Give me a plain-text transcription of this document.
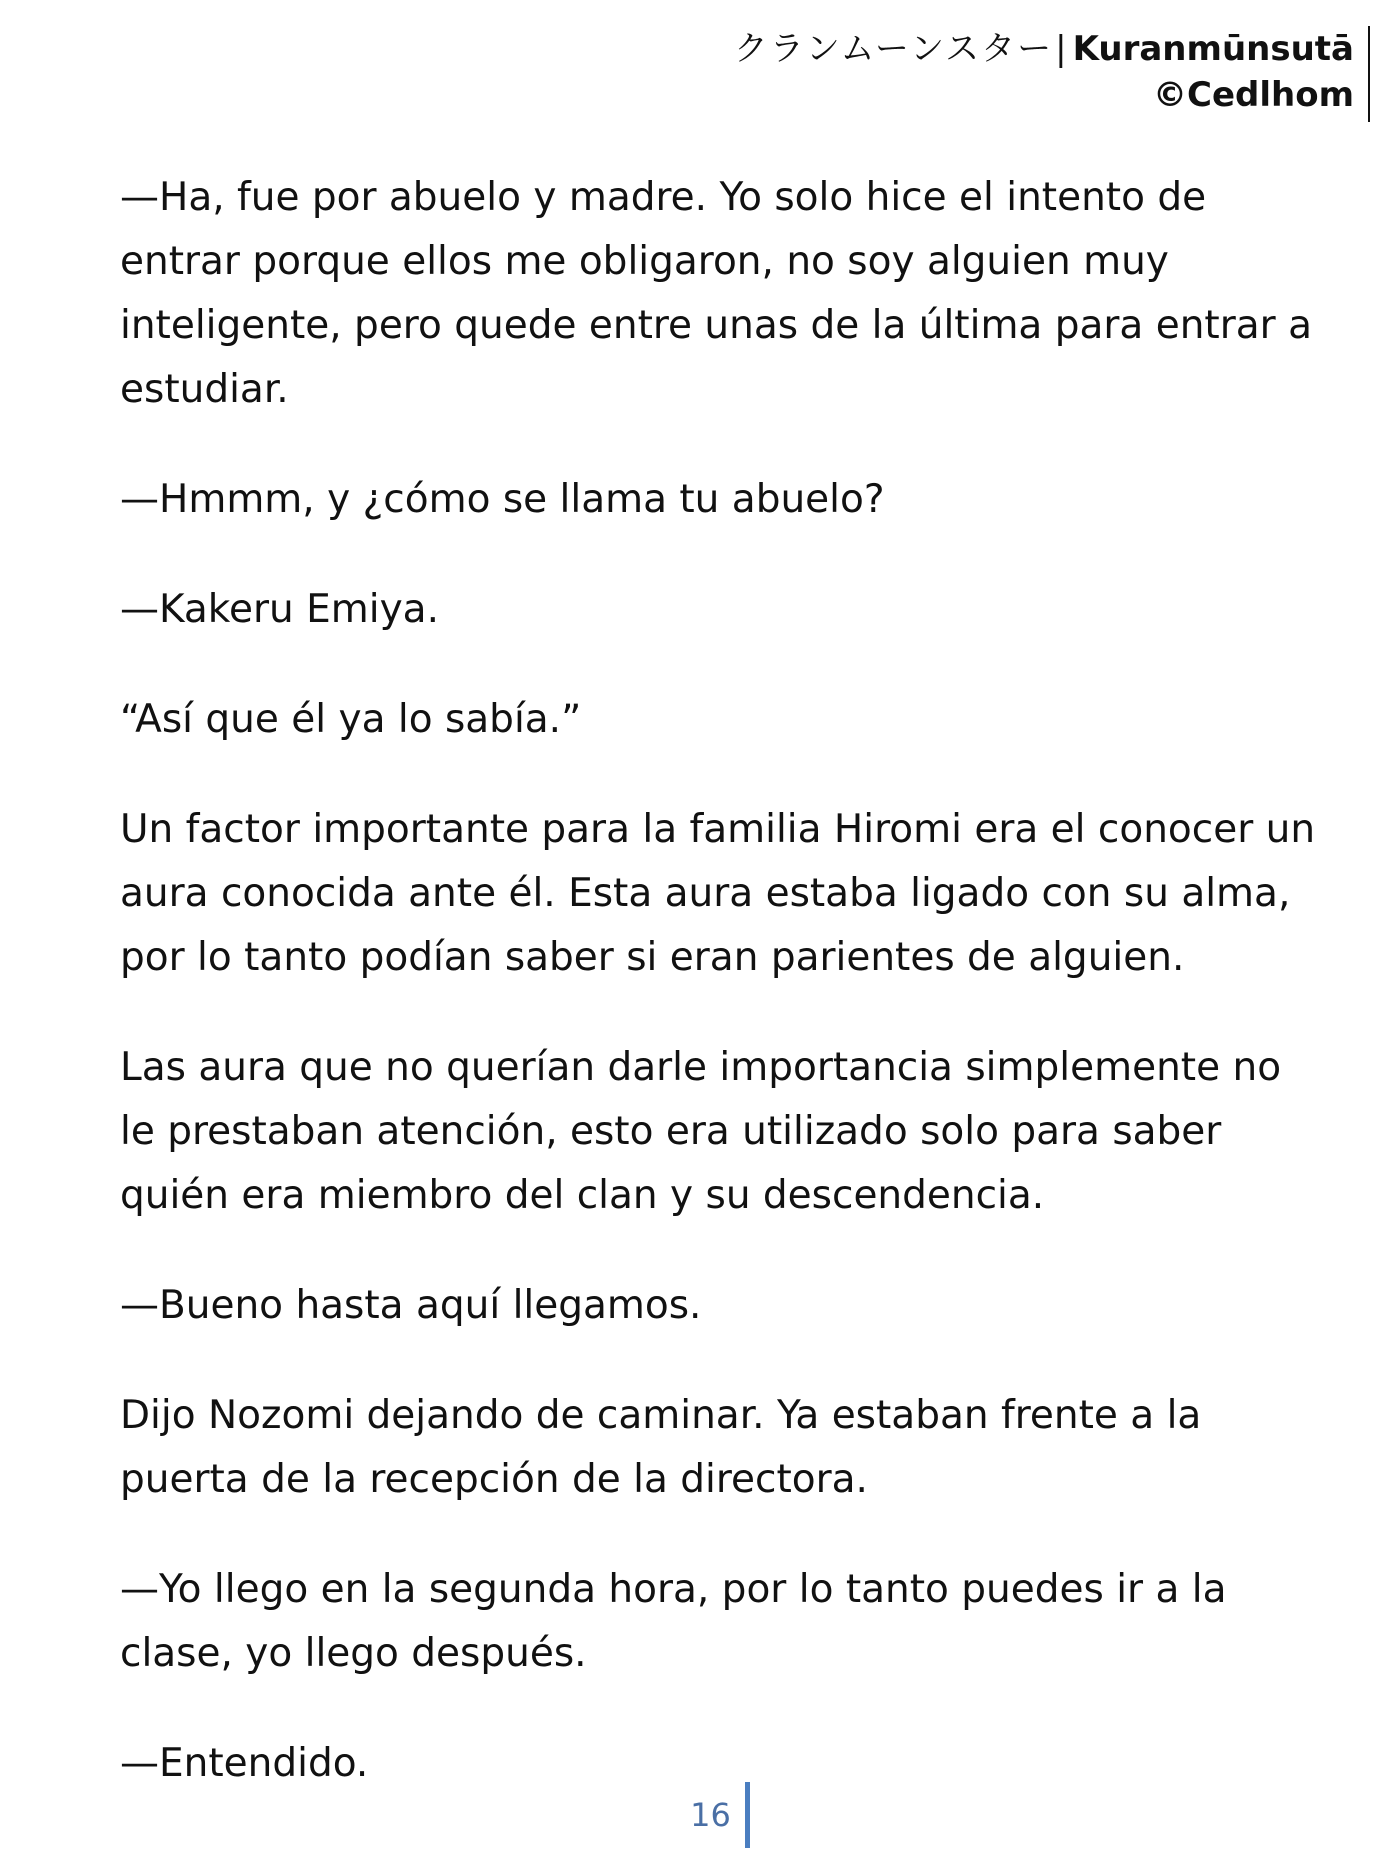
クランムーンスター| Kuranmūnsutā
©Cedlhom

—Ha, fue por abuelo y madre. Yo solo hice el intento de entrar porque ellos me obligaron, no soy alguien muy inteligente, pero quede entre unas de la última para entrar a estudiar.

—Hmmm, y ¿cómo se llama tu abuelo?

—Kakeru Emiya.

“Así que él ya lo sabía.”

Un factor importante para la familia Hiromi era el conocer un aura conocida ante él. Esta aura estaba ligado con su alma, por lo tanto podían saber si eran parientes de alguien.

Las aura que no querían darle importancia simplemente no le prestaban atención, esto era utilizado solo para saber quién era miembro del clan y su descendencia.

—Bueno hasta aquí llegamos.

Dijo Nozomi dejando de caminar. Ya estaban frente a la puerta de la recepción de la directora.

—Yo llego en la segunda hora, por lo tanto puedes ir a la clase, yo llego después.

—Entendido.

16
